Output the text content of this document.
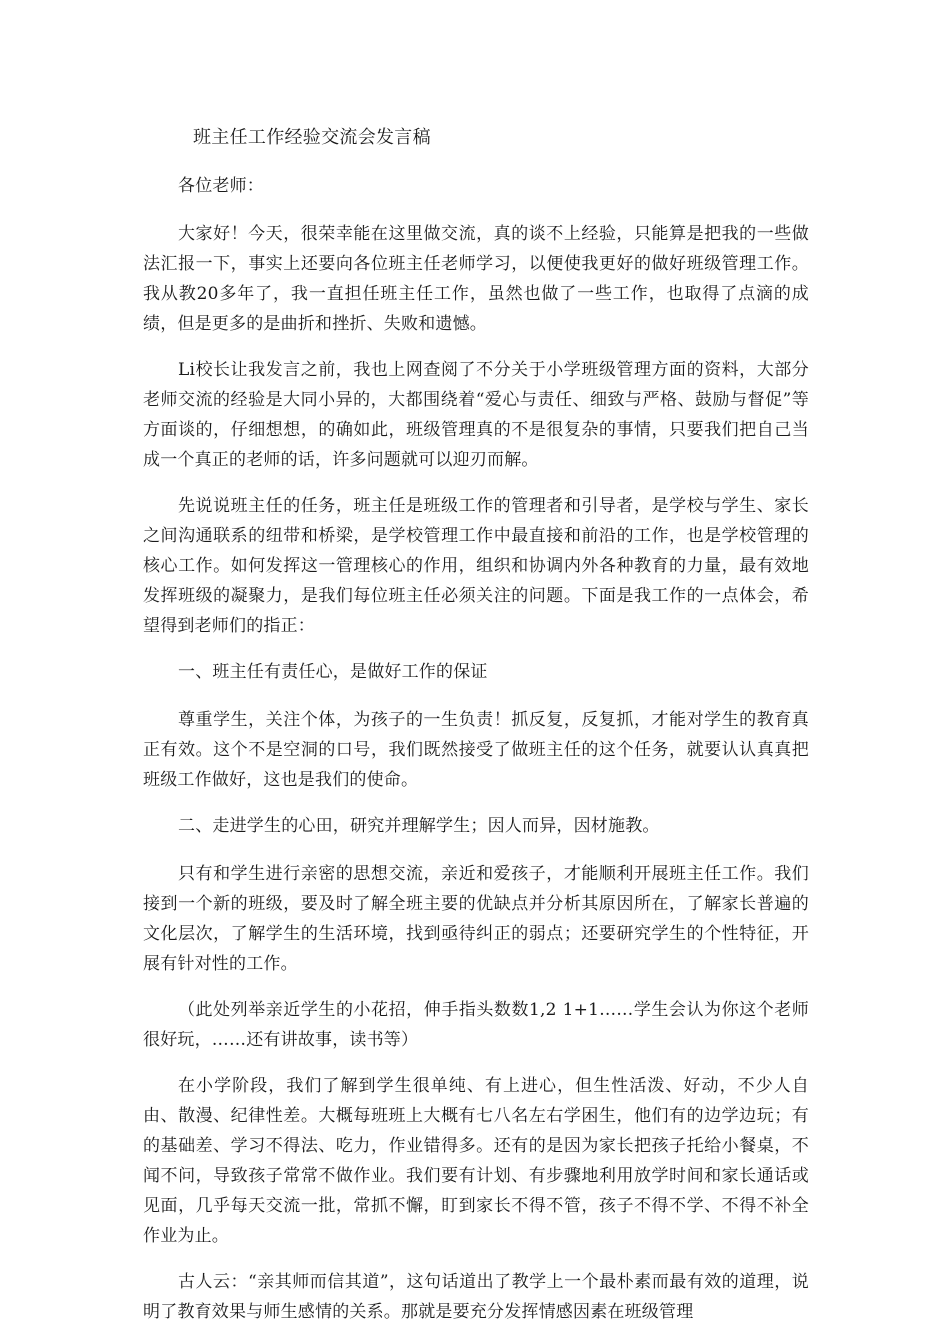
班主任工作经验交流会发言稿

各位老师：

大家好！今天，很荣幸能在这里做交流，真的谈不上经验，只能算是把我的一些做法汇报一下，事实上还要向各位班主任老师学习，以便使我更好的做好班级管理工作。我从教20多年了，我一直担任班主任工作，虽然也做了一些工作，也取得了点滴的成绩，但是更多的是曲折和挫折、失败和遗憾。

Li校长让我发言之前，我也上网查阅了不分关于小学班级管理方面的资料，大部分老师交流的经验是大同小异的，大都围绕着“爱心与责任、细致与严格、鼓励与督促”等方面谈的，仔细想想，的确如此，班级管理真的不是很复杂的事情，只要我们把自己当成一个真正的老师的话，许多问题就可以迎刃而解。

先说说班主任的任务，班主任是班级工作的管理者和引导者，是学校与学生、家长之间沟通联系的纽带和桥梁，是学校管理工作中最直接和前沿的工作，也是学校管理的核心工作。如何发挥这一管理核心的作用，组织和协调内外各种教育的力量，最有效地发挥班级的凝聚力，是我们每位班主任必须关注的问题。下面是我工作的一点体会，希望得到老师们的指正：

一、班主任有责任心，是做好工作的保证

尊重学生，关注个体，为孩子的一生负责！抓反复，反复抓，才能对学生的教育真正有效。这个不是空洞的口号，我们既然接受了做班主任的这个任务，就要认认真真把班级工作做好，这也是我们的使命。

二、走进学生的心田，研究并理解学生；因人而异，因材施教。

只有和学生进行亲密的思想交流，亲近和爱孩子，才能顺利开展班主任工作。我们接到一个新的班级，要及时了解全班主要的优缺点并分析其原因所在，了解家长普遍的文化层次，了解学生的生活环境，找到亟待纠正的弱点；还要研究学生的个性特征，开展有针对性的工作。

（此处列举亲近学生的小花招，伸手指头数数1,2 1+1……学生会认为你这个老师很好玩，……还有讲故事，读书等）

在小学阶段，我们了解到学生很单纯、有上进心，但生性活泼、好动，不少人自由、散漫、纪律性差。大概每班班上大概有七八名左右学困生，他们有的边学边玩；有的基础差、学习不得法、吃力，作业错得多。还有的是因为家长把孩子托给小餐桌，不闻不问，导致孩子常常不做作业。我们要有计划、有步骤地利用放学时间和家长通话或见面，几乎每天交流一批，常抓不懈，盯到家长不得不管，孩子不得不学、不得不补全作业为止。

古人云：“亲其师而信其道”，这句话道出了教学上一个最朴素而最有效的道理，说明了教育效果与师生感情的关系。那就是要充分发挥情感因素在班级管理
